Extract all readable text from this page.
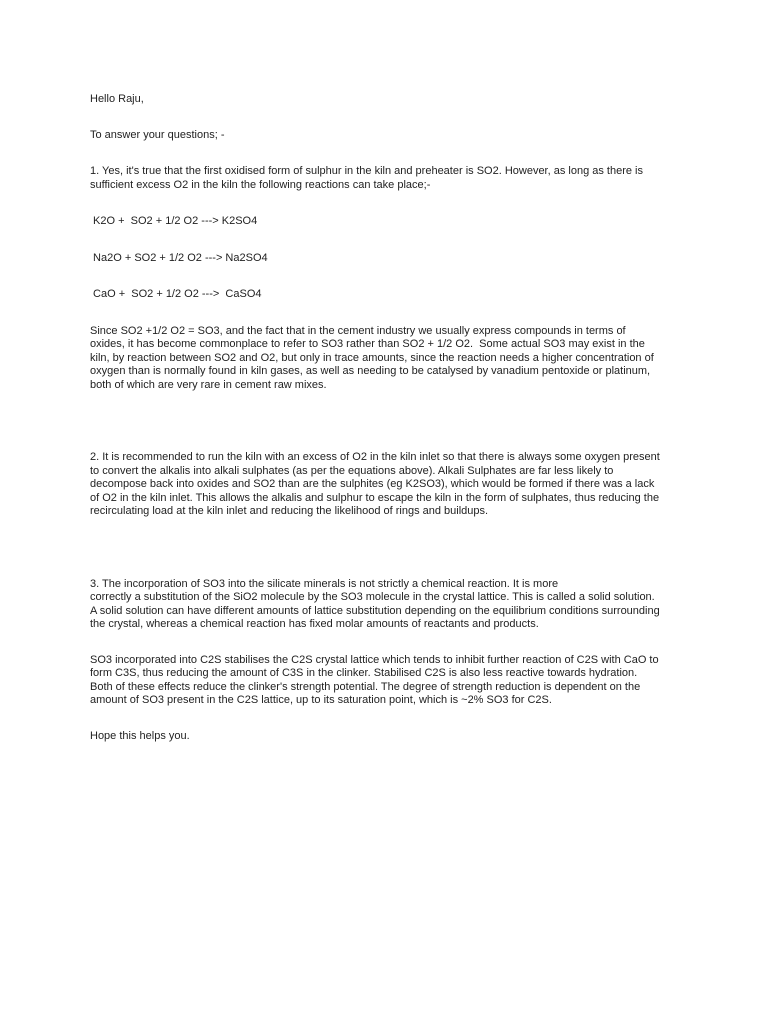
Hello Raju,

To answer your questions; -

1. Yes, it's true that the first oxidised form of sulphur in the kiln and preheater is SO2. However, as long as there is
sufficient excess O2 in the kiln the following reactions can take place;-

K2O +  SO2 + 1/2 O2 ---> K2SO4

Na2O + SO2 + 1/2 O2 ---> Na2SO4

CaO +  SO2 + 1/2 O2 --->  CaSO4

Since SO2 +1/2 O2 = SO3, and the fact that in the cement industry we usually express compounds in terms of
oxides, it has become commonplace to refer to SO3 rather than SO2 + 1/2 O2.  Some actual SO3 may exist in the
kiln, by reaction between SO2 and O2, but only in trace amounts, since the reaction needs a higher concentration of
oxygen than is normally found in kiln gases, as well as needing to be catalysed by vanadium pentoxide or platinum,
both of which are very rare in cement raw mixes.

2. It is recommended to run the kiln with an excess of O2 in the kiln inlet so that there is always some oxygen present
to convert the alkalis into alkali sulphates (as per the equations above). Alkali Sulphates are far less likely to
decompose back into oxides and SO2 than are the sulphites (eg K2SO3), which would be formed if there was a lack
of O2 in the kiln inlet. This allows the alkalis and sulphur to escape the kiln in the form of sulphates, thus reducing the
recirculating load at the kiln inlet and reducing the likelihood of rings and buildups.

3. The incorporation of SO3 into the silicate minerals is not strictly a chemical reaction. It is more
correctly a substitution of the SiO2 molecule by the SO3 molecule in the crystal lattice. This is called a solid solution.
A solid solution can have different amounts of lattice substitution depending on the equilibrium conditions surrounding
the crystal, whereas a chemical reaction has fixed molar amounts of reactants and products.

SO3 incorporated into C2S stabilises the C2S crystal lattice which tends to inhibit further reaction of C2S with CaO to
form C3S, thus reducing the amount of C3S in the clinker. Stabilised C2S is also less reactive towards hydration.
Both of these effects reduce the clinker's strength potential. The degree of strength reduction is dependent on the
amount of SO3 present in the C2S lattice, up to its saturation point, which is ~2% SO3 for C2S.

Hope this helps you.
